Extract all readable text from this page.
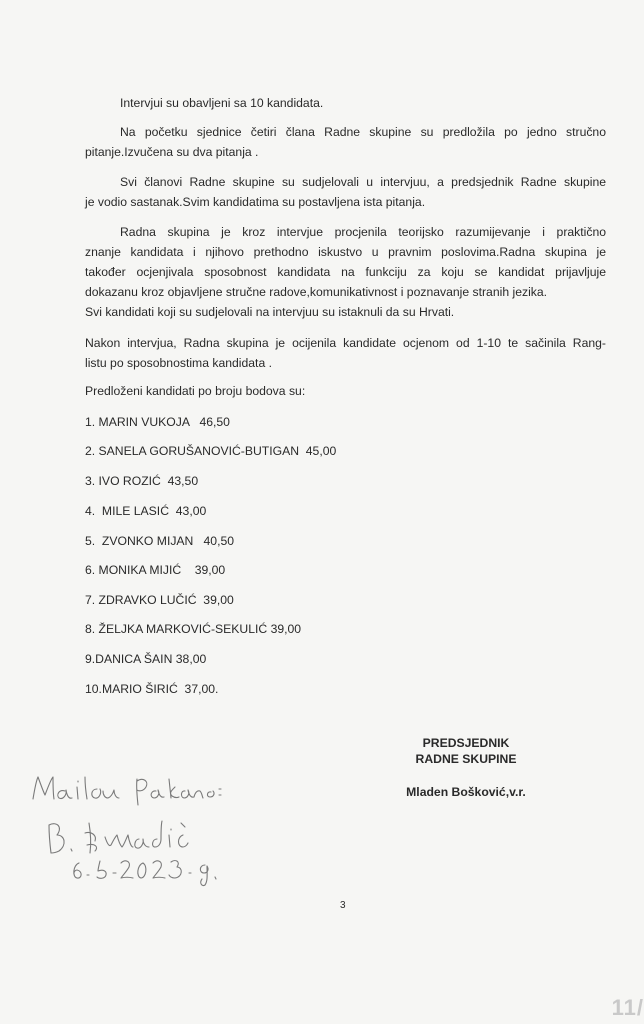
Intervjui su obavljeni sa 10 kandidata.

Na početku sjednice četiri člana Radne skupine su predložila po jedno stručno
pitanje.Izvučena su dva pitanja .
Svi članovi Radne skupine su sudjelovali u intervjuu, a predsjednik Radne skupine
je vodio sastanak.Svim kandidatima su postavljena ista pitanja.
Radna skupina je kroz intervjue procjenila teorijsko razumijevanje i praktično
znanje kandidata i njihovo prethodno iskustvo u pravnim poslovima.Radna skupina je
također ocjenjivala sposobnost kandidata na funkciju za koju se kandidat prijavljuje
dokazanu kroz objavljene stručne radove,komunikativnost i poznavanje stranih jezika.

Svi kandidati koji su sudjelovali na intervjuu su istaknuli da su Hrvati.

Nakon intervjua, Radna skupina je ocijenila kandidate ocjenom od 1-10 te sačinila Rang-
listu po sposobnostima kandidata .

Predloženi kandidati po broju bodova su:

1. MARIN VUKOJA   46,50
2. SANELA GORUŠANOVIĆ-BUTIGAN  45,00
3. IVO ROZIĆ  43,50
4.  MILE LASIĆ  43,00
5.  ZVONKO MIJAN   40,50
6. MONIKA MIJIĆ    39,00
7. ZDRAVKO LUČIĆ  39,00
8. ŽELJKA MARKOVIĆ-SEKULIĆ 39,00
9.DANICA ŠAIN 38,00
10.MARIO ŠIRIĆ  37,00.
PREDSJEDNIK
RADNE SKUPINE
Mladen Bošković,v.r.
3
11/
